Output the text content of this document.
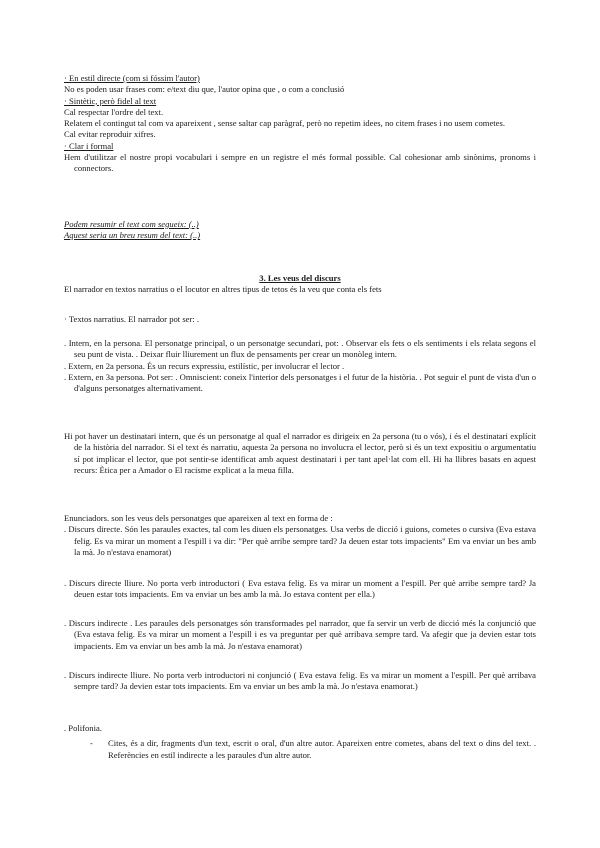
· En estil directe (com si fóssim l'autor)

No es poden usar frases com: e/text diu que, l'autor opina que , o com a conclusió

· Sintètic, però fidel al text

Cal respectar l'ordre del text.

Relatem el contingut tal com va apareixent , sense saltar cap paràgraf, però no repetim idees, no citem frases i no usem cometes.

Cal evitar reproduir xifres.

· Clar i formal

Hem d'utilitzar el nostre propi vocabulari i sempre en un registre el més formal possible. Cal cohesionar amb sinònims, pronoms i connectors.

Podem resumir el text com segueix: (..)

Aquest seria un breu resum del text: (..)

3. Les veus del discurs

El narrador en textos narratius o el locutor en altres tipus de tetos és la veu que conta els fets

· Textos narratius. El narrador pot ser: .

. Intern, en la persona. El personatge principal, o un personatge secundari, pot: . Observar els fets o els sentiments i els relata segons el seu punt de vista. . Deixar fluir lliurement un flux de pensaments per crear un monòleg intern.

. Extern, en 2a persona. És un recurs expressiu, estilístic, per involucrar el lector .

. Extern, en 3a persona. Pot ser: . Omniscient: coneix l'interior dels personatges i el futur de la història. . Pot seguir el punt de vista d'un o d'alguns personatges alternativament.

Hi pot haver un destinatari intern, que és un personatge al qual el narrador es dirigeix en 2a persona (tu o vós), i és el destinatari explícit de la història del narrador. Si el text és narratiu, aquesta 2a persona no involucra el lector, però si és un text expositiu o argumentatiu sí pot implicar el lector, que pot sentir-se identificat amb aquest destinatari i per tant apel·lat com ell. Hi ha llibres basats en aquest recurs: Ètica per a Amador o El racisme explicat a la meua filla.

Enunciadors. son les veus dels personatges que apareixen al text en forma de :

. Discurs directe. Són les paraules exactes, tal com les diuen els personatges. Usa verbs de dicció i guions, cometes o cursiva (Eva estava felig. Es va mirar un moment a l'espill i va dir: "Per què arribe sempre tard? Ja deuen estar tots impacients" Em va enviar un bes amb la mà. Jo n'estava enamorat)

. Discurs directe lliure. No porta verb introductori ( Eva estava felig. Es va mirar un moment a l'espill. Per què arribe sempre tard? Ja deuen estar tots impacients. Em va enviar un bes amb la mà. Jo estava content per ella.)

. Discurs indirecte . Les paraules dels personatges són transformades pel narrador, que fa servir un verb de dicció més la conjunció que (Eva estava felig. Es va mirar un moment a l'espill i es va preguntar per què arribava sempre tard. Va afegir que ja devien estar tots impacients. Em va enviar un bes amb la mà. Jo n'estava enamorat)

. Discurs indirecte lliure. No porta verb introductori ni conjunció ( Eva estava felig. Es va mirar un moment a l'espill. Per què arribava sempre tard? Ja devien estar tots impacients. Em va enviar un bes amb la mà. Jo n'estava enamorat.)

. Polifonia.

- Cites, és a dir, fragments d'un text, escrit o oral, d'un altre autor. Apareixen entre cometes, abans del text o dins del text. . Referències en estil indirecte a les paraules d'un altre autor.
